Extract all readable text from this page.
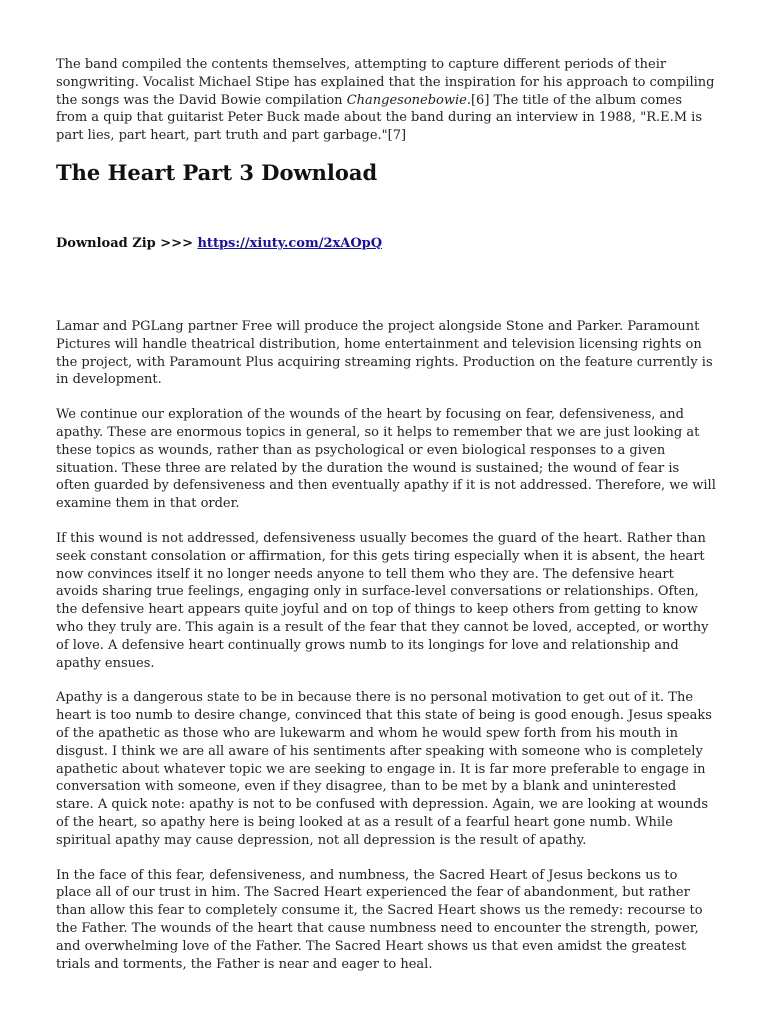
The band compiled the contents themselves, attempting to capture different periods of their songwriting. Vocalist Michael Stipe has explained that the inspiration for his approach to compiling the songs was the David Bowie compilation Changesonebowie.[6] The title of the album comes from a quip that guitarist Peter Buck made about the band during an interview in 1988, "R.E.M is part lies, part heart, part truth and part garbage."[7]

The Heart Part 3 Download

Download Zip >>> https://xiuty.com/2xAOpQ

Lamar and PGLang partner Free will produce the project alongside Stone and Parker. Paramount Pictures will handle theatrical distribution, home entertainment and television licensing rights on the project, with Paramount Plus acquiring streaming rights. Production on the feature currently is in development.

We continue our exploration of the wounds of the heart by focusing on fear, defensiveness, and apathy. These are enormous topics in general, so it helps to remember that we are just looking at these topics as wounds, rather than as psychological or even biological responses to a given situation. These three are related by the duration the wound is sustained; the wound of fear is often guarded by defensiveness and then eventually apathy if it is not addressed. Therefore, we will examine them in that order.

If this wound is not addressed, defensiveness usually becomes the guard of the heart. Rather than seek constant consolation or affirmation, for this gets tiring especially when it is absent, the heart now convinces itself it no longer needs anyone to tell them who they are. The defensive heart avoids sharing true feelings, engaging only in surface-level conversations or relationships. Often, the defensive heart appears quite joyful and on top of things to keep others from getting to know who they truly are. This again is a result of the fear that they cannot be loved, accepted, or worthy of love. A defensive heart continually grows numb to its longings for love and relationship and apathy ensues.

Apathy is a dangerous state to be in because there is no personal motivation to get out of it. The heart is too numb to desire change, convinced that this state of being is good enough. Jesus speaks of the apathetic as those who are lukewarm and whom he would spew forth from his mouth in disgust. I think we are all aware of his sentiments after speaking with someone who is completely apathetic about whatever topic we are seeking to engage in. It is far more preferable to engage in conversation with someone, even if they disagree, than to be met by a blank and uninterested stare. A quick note: apathy is not to be confused with depression. Again, we are looking at wounds of the heart, so apathy here is being looked at as a result of a fearful heart gone numb. While spiritual apathy may cause depression, not all depression is the result of apathy.

In the face of this fear, defensiveness, and numbness, the Sacred Heart of Jesus beckons us to place all of our trust in him. The Sacred Heart experienced the fear of abandonment, but rather than allow this fear to completely consume it, the Sacred Heart shows us the remedy: recourse to the Father. The wounds of the heart that cause numbness need to encounter the strength, power, and overwhelming love of the Father. The Sacred Heart shows us that even amidst the greatest trials and torments, the Father is near and eager to heal.
